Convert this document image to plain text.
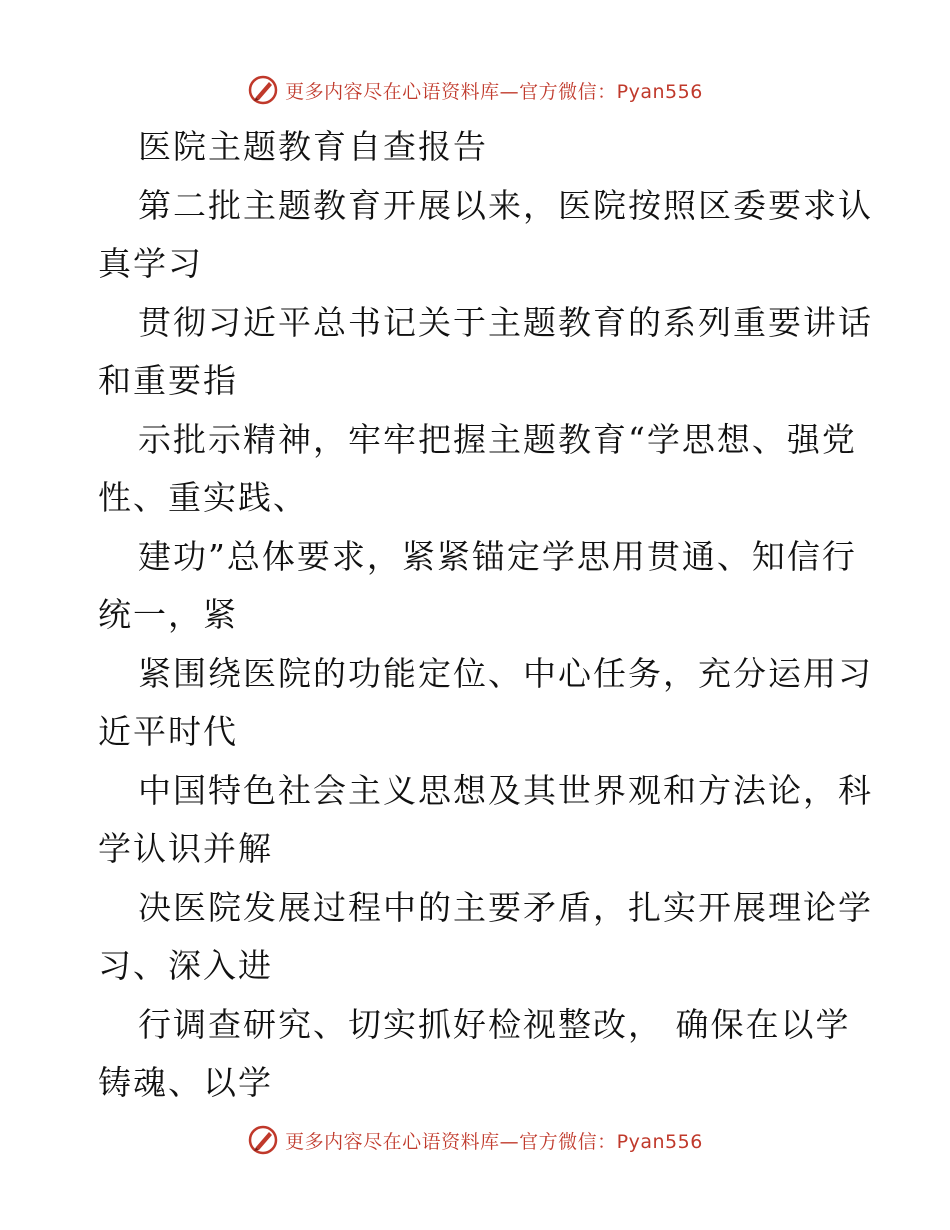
更多内容尽在心语资料库—官方微信：Pyan556
医院主题教育自查报告
第二批主题教育开展以来，医院按照区委要求认
真学习
贯彻习近平总书记关于主题教育的系列重要讲话
和重要指
示批示精神，牢牢把握主题教育“学思想、强党
性、重实践、
建功”总体要求，紧紧锚定学思用贯通、知信行
统一，紧
紧围绕医院的功能定位、中心任务，充分运用习
近平时代
中国特色社会主义思想及其世界观和方法论，科
学认识并解
决医院发展过程中的主要矛盾，扎实开展理论学
习、深入进
行调查研究、切实抓好检视整改， 确保在以学
铸魂、以学
更多内容尽在心语资料库—官方微信：Pyan556
